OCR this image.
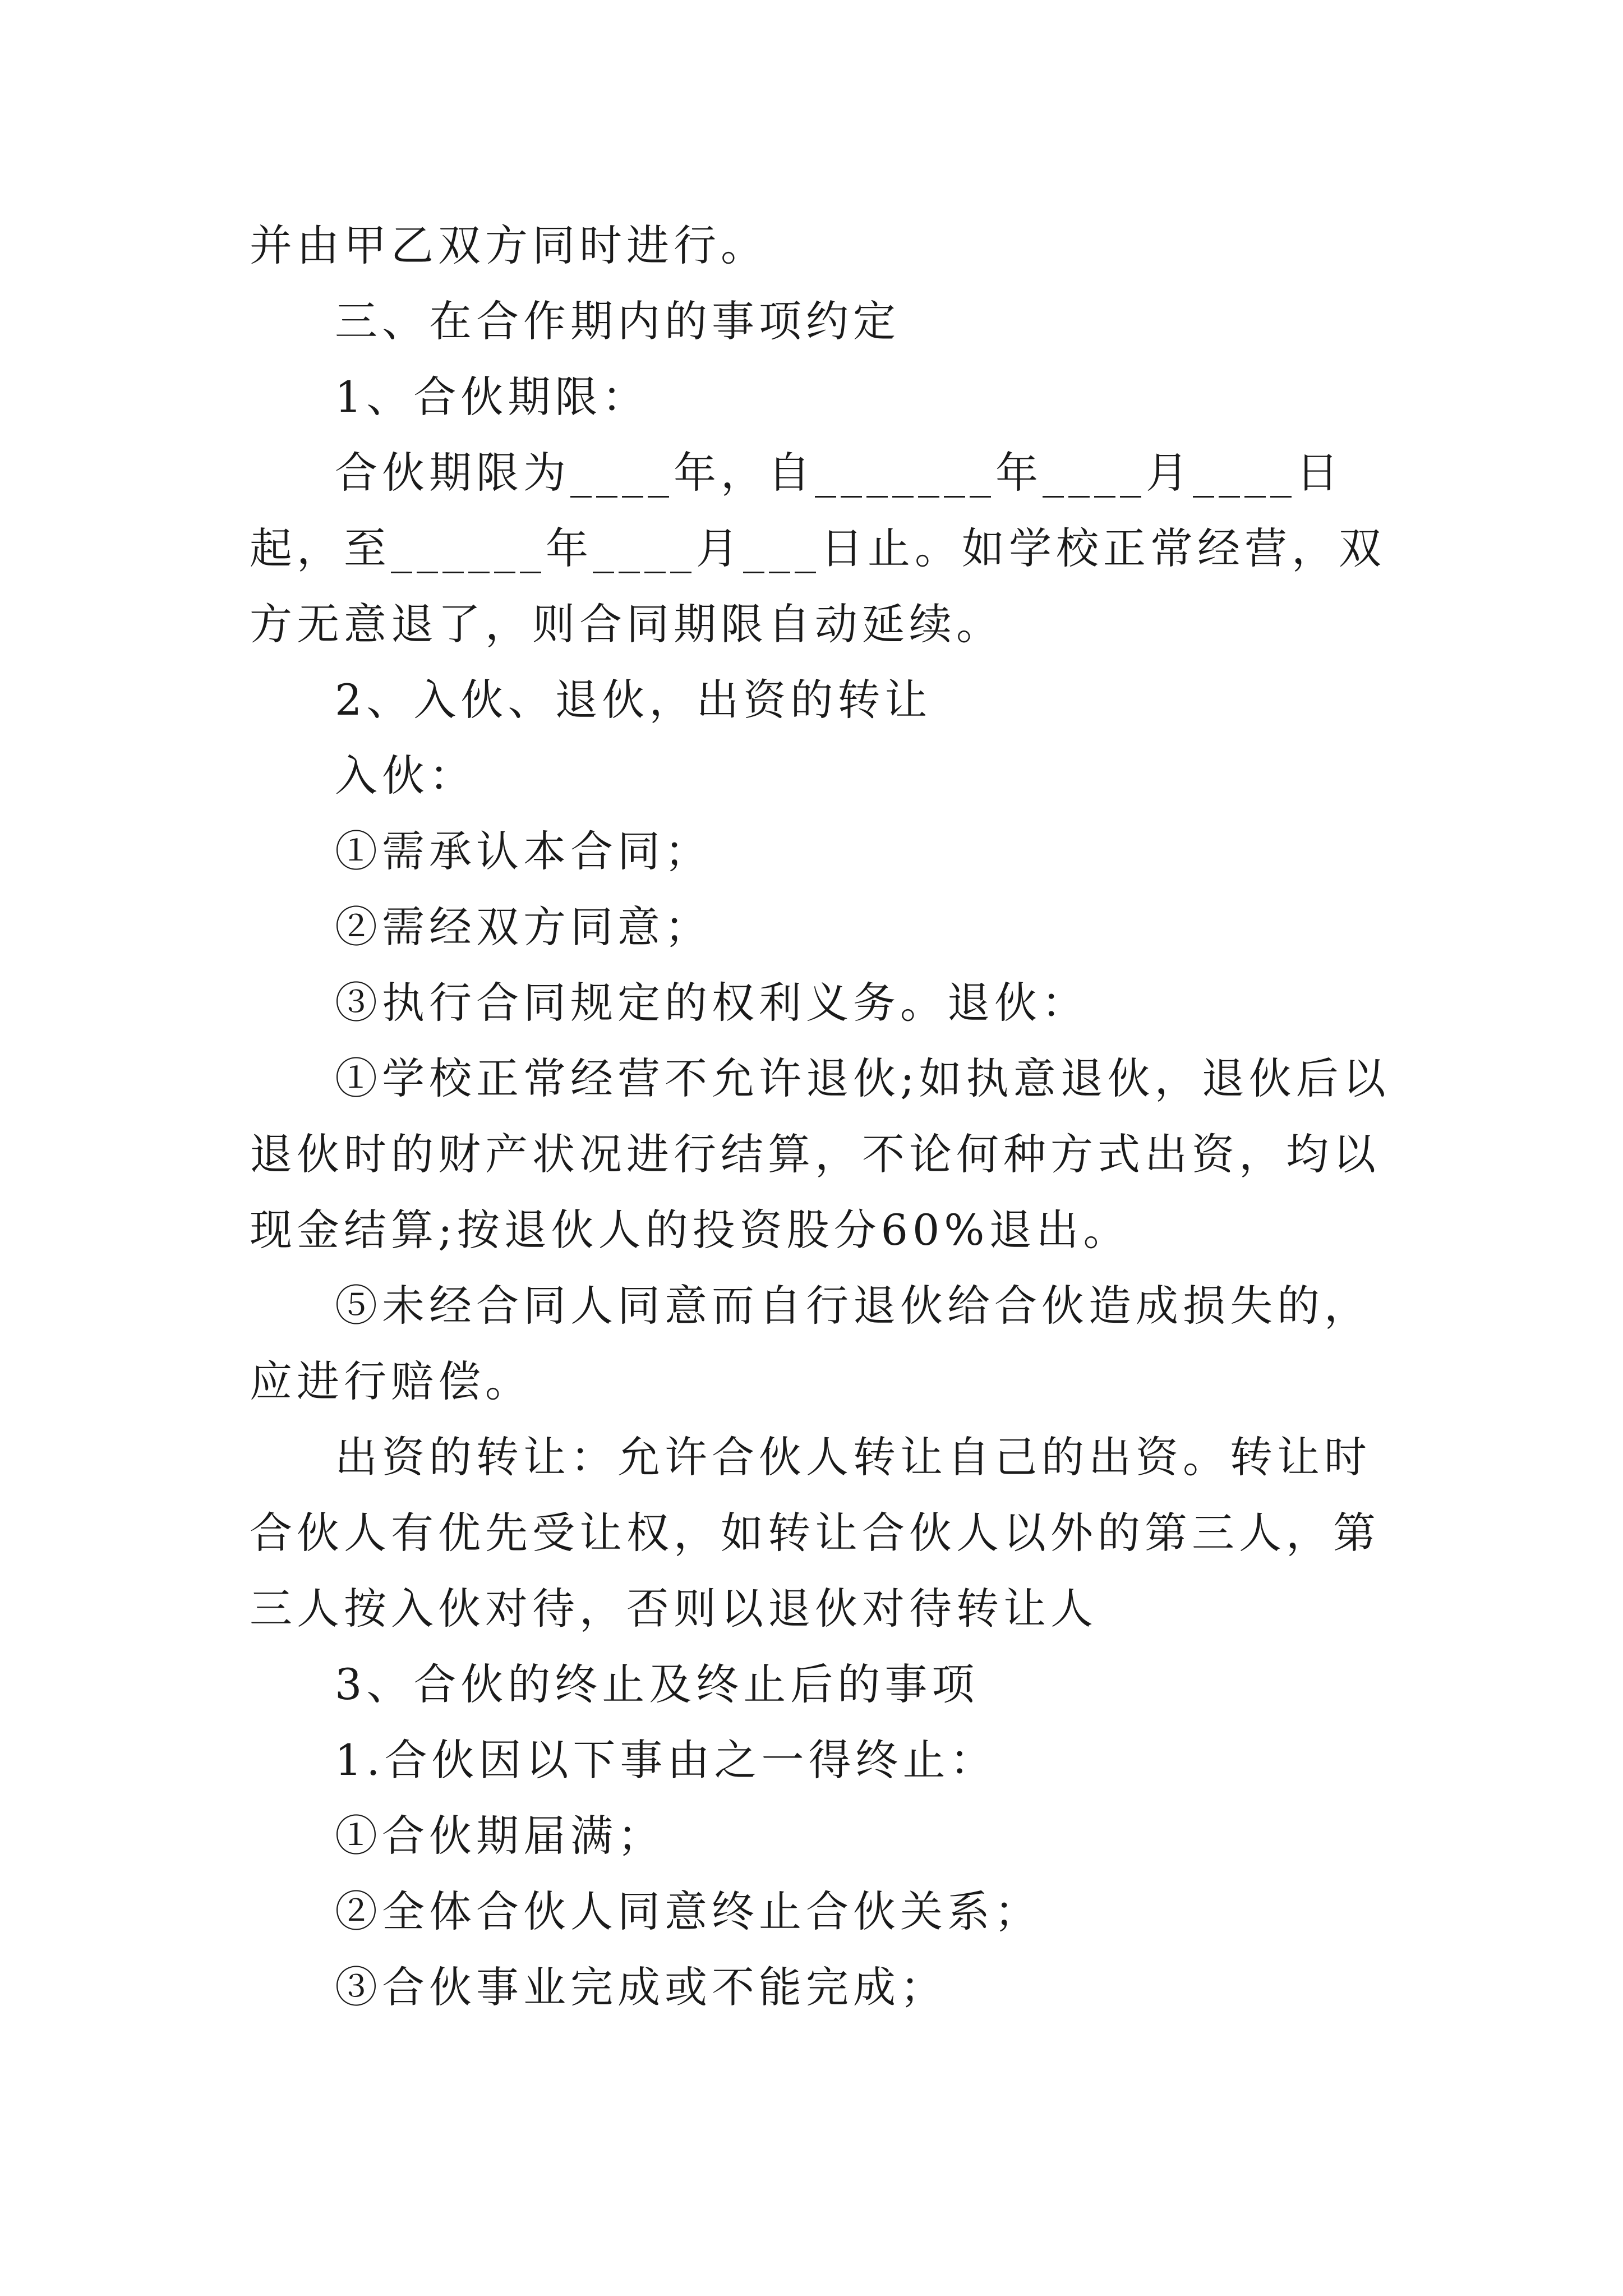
并由甲乙双方同时进行。

三、在合作期内的事项约定

1、合伙期限：

合伙期限为____年，自_______年____月____日起，至______年____月___日止。如学校正常经营，双方无意退了，则合同期限自动延续。

2、入伙、退伙，出资的转让

入伙：

①需承认本合同；

②需经双方同意；

③执行合同规定的权利义务。退伙：

①学校正常经营不允许退伙;如执意退伙，退伙后以退伙时的财产状况进行结算，不论何种方式出资，均以现金结算;按退伙人的投资股分60%退出。

⑤未经合同人同意而自行退伙给合伙造成损失的，应进行赔偿。

出资的转让：允许合伙人转让自己的出资。转让时合伙人有优先受让权，如转让合伙人以外的第三人，第三人按入伙对待，否则以退伙对待转让人

3、合伙的终止及终止后的事项

1.合伙因以下事由之一得终止：

①合伙期届满；

②全体合伙人同意终止合伙关系；

③合伙事业完成或不能完成；
